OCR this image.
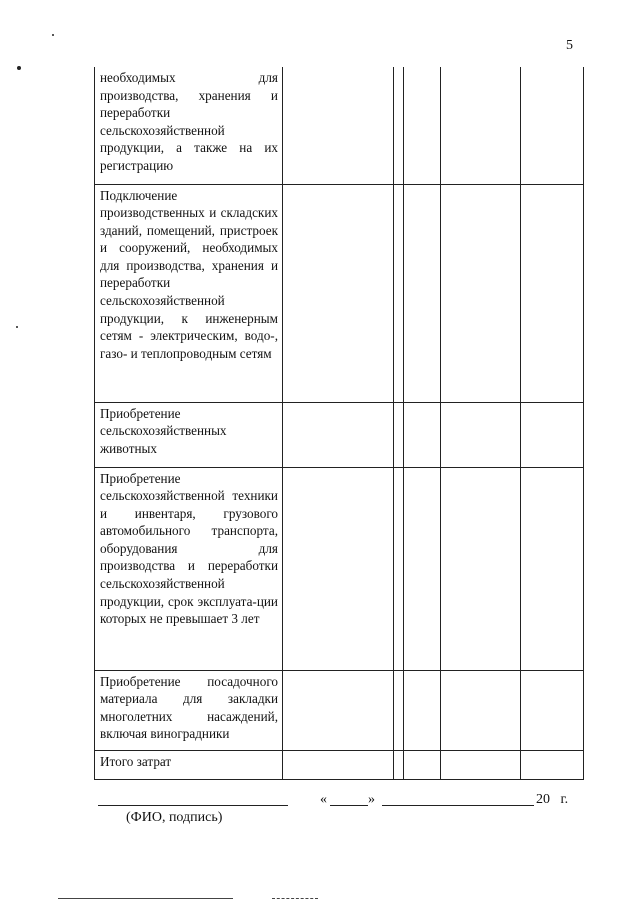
5
необходимых для производства, хранения и переработки сельскохозяйственной продукции, а также на их регистрацию					
Подключение производственных и складских зданий, помещений, пристроек и сооружений, необходимых для производства, хранения и переработки сельскохозяйственной продукции, к инженерным сетям - электрическим, водо-, газо- и теплопроводным сетям					
Приобретение сельскохозяйственных животных					
Приобретение сельскохозяйственной техники и инвентаря, грузового автомобильного транспорта, оборудования для производства и переработки сельскохозяйственной продукции, срок эксплуата-ции которых не превышает 3 лет					
Приобретение посадочного материала для закладки многолетних насаждений, включая виноградники					
Итого затрат					
«	»	20   г.
(ФИО, подпись)
